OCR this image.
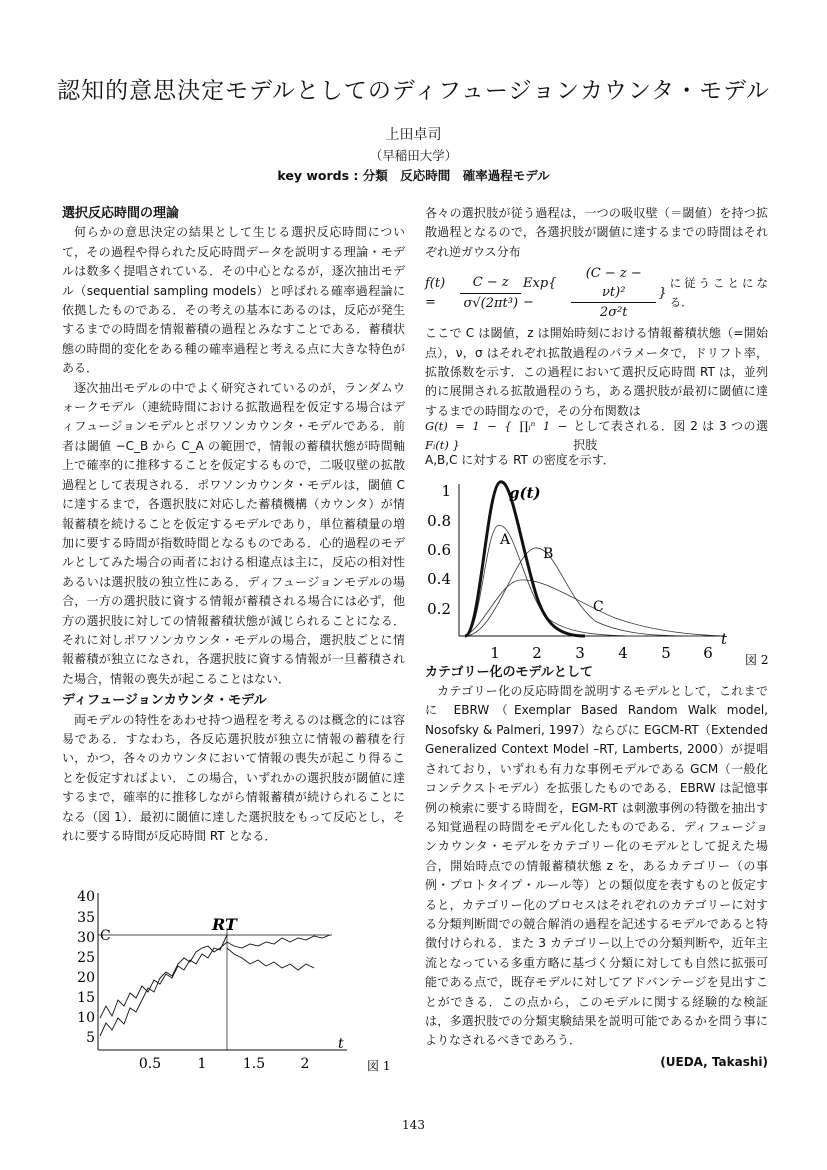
認知的意思決定モデルとしてのディフュージョンカウンタ・モデル
上田卓司
（早稲田大学）
key words : 分類　反応時間　確率過程モデル

選択反応時間の理論

何らかの意思決定の結果として生じる選択反応時間について，その過程や得られた反応時間データを説明する理論・モデルは数多く提唱されている．その中心となるが，逐次抽出モデル（sequential sampling models）と呼ばれる確率過程論に依拠したものである．その考えの基本にあるのは，反応が発生するまでの時間を情報蓄積の過程とみなすことである．蓄積状態の時間的変化をある種の確率過程と考える点に大きな特色がある．

逐次抽出モデルの中でよく研究されているのが，ランダムウォークモデル（連続時間における拡散過程を仮定する場合はディフュージョンモデルとポワソンカウンタ・モデルである．前者は閾値 −C_B から C_A の範囲で，情報の蓄積状態が時間軸上で確率的に推移することを仮定するもので，二吸収壁の拡散過程として表現される．ポワソンカウンタ・モデルは，閾値 C に達するまで，各選択肢に対応した蓄積機構（カウンタ）が情報蓄積を続けることを仮定するモデルであり，単位蓄積量の増加に要する時間が指数時間となるものである．心的過程のモデルとしてみた場合の両者における相違点は主に，反応の相対性あるいは選択肢の独立性にある．ディフュージョンモデルの場合，一方の選択肢に資する情報が蓄積される場合には必ず，他方の選択肢に対しての情報蓄積状態が減じられることになる．それに対しポワソンカウンタ・モデルの場合，選択肢ごとに情報蓄積が独立になされ，各選択肢に資する情報が一旦蓄積された場合，情報の喪失が起こることはない．

ディフュージョンカウンタ・モデル

両モデルの特性をあわせ持つ過程を考えるのは概念的には容易である．すなわち，各反応選択肢が独立に情報の蓄積を行い，かつ，各々のカウンタにおいて情報の喪失が起こり得ることを仮定すればよい．この場合，いずれかの選択肢が閾値に達するまで，確率的に推移しながら情報蓄積が続けられることになる（図 1）．最初に閾値に達した選択肢をもって反応とし，それに要する時間が反応時間 RT となる．

40
35
30
25
20
15
10
5
C
RT
0.5	1	1.5	2
t
図 1

各々の選択肢が従う過程は，一つの吸収壁（＝閾値）を持つ拡散過程となるので，各選択肢が閾値に達するまでの時間はそれぞれ逆ガウス分布

f(t) =	$\frac{C - z}{\text{σ√(2πt³)}} Exp${ −	$\frac{\text{(C − z − νt)²}}{\text{2σ²t}}$ }
に従うことになる．

ここで C は閾値，z は開始時刻における情報蓄積状態（=開始点），ν，σ はそれぞれ拡散過程のパラメータで，ドリフト率，拡散係数を示す．この過程において選択反応時間 RT は，並列的に展開される拡散過程のうち，ある選択肢が最初に閾値に達するまでの時間なので，その分布関数は

G(t) = 1 − { ∏ᵢⁿ 1 − Fᵢ(t) }
として表される．図 2 は 3 つの選択肢

A,B,C に対する RT の密度を示す．

カテゴリー化のモデルとして

カテゴリー化の反応時間を説明するモデルとして，これまでに EBRW（Exemplar Based Random Walk model, Nosofsky & Palmeri, 1997）ならびに EGCM-RT（Extended Generalized Context Model –RT, Lamberts, 2000）が提唱されており，いずれも有力な事例モデルである GCM（一般化コンテクストモデル）を拡張したものである．EBRW は記憶事例の検索に要する時間を，EGM-RT は刺激事例の特徴を抽出する知覚過程の時間をモデル化したものである．ディフュージョンカウンタ・モデルをカテゴリー化のモデルとして捉えた場合，開始時点での情報蓄積状態 z を，あるカテゴリー（の事例・プロトタイプ・ルール等）との類似度を表すものと仮定すると，カテゴリー化のプロセスはそれぞれのカテゴリーに対する分類判断間での競合解消の過程を記述するモデルであると特徴付けられる．また 3 カテゴリー以上での分類判断や，近年主流となっている多重方略に基づく分類に対しても自然に拡張可能である点で，既存モデルに対してアドバンテージを見出すことができる．この点から，このモデルに関する経験的な検証は，多選択肢での分類実験結果を説明可能であるかを問う事によりなされるべきであろう．

1
0.8
0.6
0.4
0.2
A
B
C
g(t)
1 2 3 4 5 6
t
図 2
(UEDA, Takashi)
143
